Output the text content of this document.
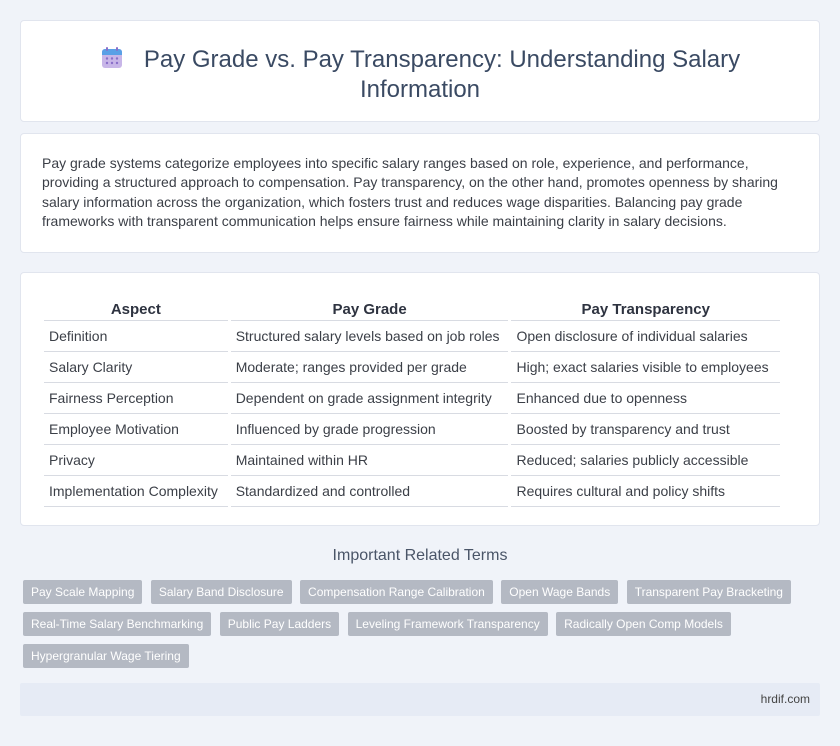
Pay Grade vs. Pay Transparency: Understanding Salary Information

Pay grade systems categorize employees into specific salary ranges based on role, experience, and performance, providing a structured approach to compensation. Pay transparency, on the other hand, promotes openness by sharing salary information across the organization, which fosters trust and reduces wage disparities. Balancing pay grade frameworks with transparent communication helps ensure fairness while maintaining clarity in salary decisions.

Aspect	Pay Grade	Pay Transparency
Definition	Structured salary levels based on job roles	Open disclosure of individual salaries
Salary Clarity	Moderate; ranges provided per grade	High; exact salaries visible to employees
Fairness Perception	Dependent on grade assignment integrity	Enhanced due to openness
Employee Motivation	Influenced by grade progression	Boosted by transparency and trust
Privacy	Maintained within HR	Reduced; salaries publicly accessible
Implementation Complexity	Standardized and controlled	Requires cultural and policy shifts
Important Related Terms
Pay Scale Mapping Salary Band Disclosure Compensation Range Calibration Open Wage Bands Transparent Pay Bracketing Real-Time Salary Benchmarking Public Pay Ladders Leveling Framework Transparency Radically Open Comp Models Hypergranular Wage Tiering
hrdif.com
